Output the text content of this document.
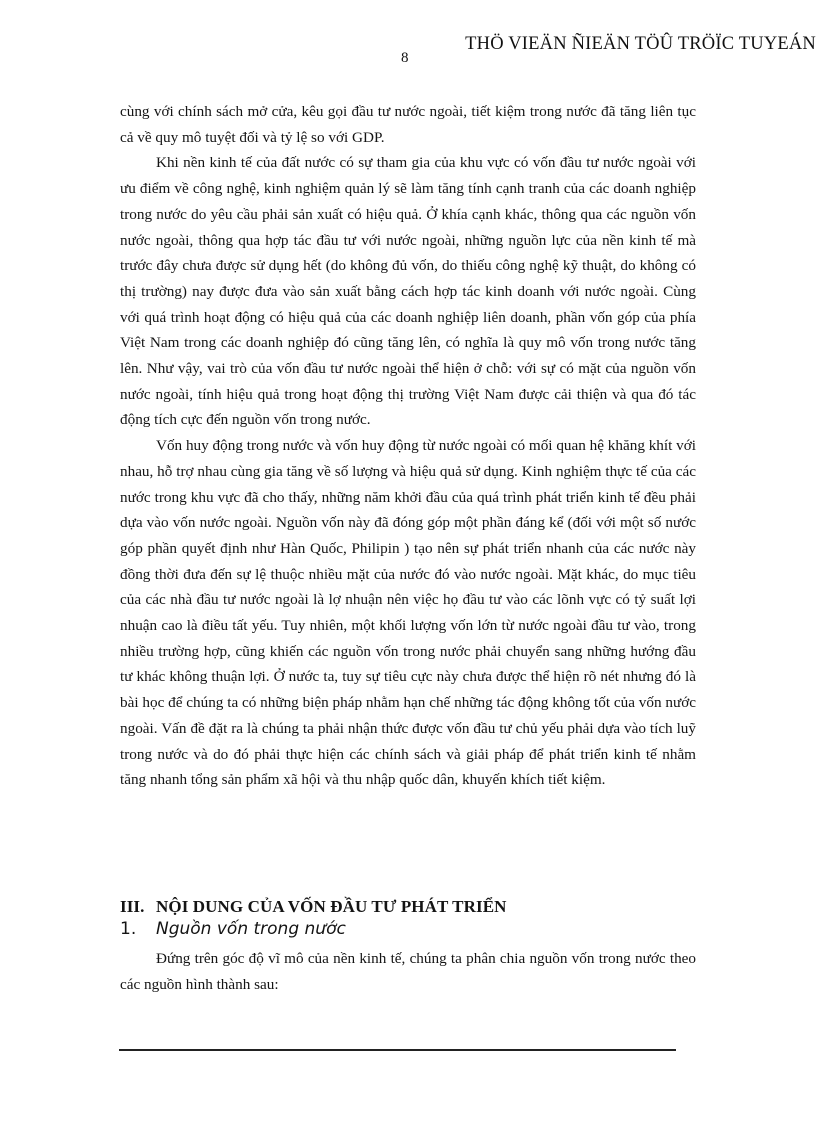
THÖ VIEÄN ÑIEÄN TÖÛ TRÖÏC TUYEÁN
8

cùng với chính sách mở cửa, kêu gọi đầu tư nước ngoài, tiết kiệm trong nước đã tăng liên tục cả về quy mô tuyệt đối và tỷ lệ so với GDP.

Khi nền kinh tế của đất nước có sự tham gia của khu vực có vốn đầu tư nước ngoài với ưu điểm về công nghệ, kinh nghiệm quản lý sẽ làm tăng tính cạnh tranh của các doanh nghiệp trong nước do yêu cầu phải sản xuất có hiệu quả. Ở khía cạnh khác, thông qua các nguồn vốn nước ngoài, thông qua hợp tác đầu tư với nước ngoài, những nguồn lực của nền kinh tế mà trước đây chưa được sử dụng hết (do không đủ vốn, do thiếu công nghệ kỹ thuật, do không có thị trường) nay được đưa vào sản xuất bằng cách hợp tác kinh doanh với nước ngoài. Cùng với quá trình hoạt động có hiệu quả của các doanh nghiệp liên doanh, phần vốn góp của phía Việt Nam trong các doanh nghiệp đó cũng tăng lên, có nghĩa là quy mô vốn trong nước tăng lên. Như vậy, vai trò của vốn đầu tư nước ngoài thể hiện ở chỗ: với sự có mặt của nguồn vốn nước ngoài, tính hiệu quả trong hoạt động thị trường Việt Nam được cải thiện và qua đó tác động tích cực đến nguồn vốn trong nước.

Vốn huy động trong nước và vốn huy động từ nước ngoài có mối quan hệ khăng khít với nhau, hỗ trợ nhau cùng gia tăng về số lượng và hiệu quả sử dụng. Kinh nghiệm thực tế của các nước trong khu vực đã cho thấy, những năm khởi đầu của quá trình phát triển kinh tế đều phải dựa vào vốn nước ngoài. Nguồn vốn này đã đóng góp một phần đáng kể (đối với một số nước góp phần quyết định như Hàn Quốc, Philipin ) tạo nên sự phát triển nhanh của các nước này đồng thời đưa đến sự lệ thuộc nhiều mặt của nước đó vào nước ngoài. Mặt khác, do mục tiêu của các nhà đầu tư nước ngoài là lợ nhuận nên việc họ đầu tư vào các lõnh vực có tỷ suất lợi nhuận cao là điều tất yếu. Tuy nhiên, một khối lượng vốn lớn từ nước ngoài đầu tư vào, trong nhiều trường hợp, cũng khiến các nguồn vốn trong nước phải chuyển sang những hướng đầu tư khác không thuận lợi. Ở nước ta, tuy sự tiêu cực này chưa được thể hiện rõ nét nhưng đó là bài học để chúng ta có những biện pháp nhằm hạn chế những tác động không tốt của vốn nước ngoài. Vấn đề đặt ra là chúng ta phải nhận thức được vốn đầu tư chủ yếu phải dựa vào tích luỹ trong nước và do đó phải thực hiện các chính sách và giải pháp để phát triển kinh tế nhằm tăng nhanh tổng sản phẩm xã hội và thu nhập quốc dân, khuyến khích tiết kiệm.

III. NỘI DUNG CỦA VỐN ĐẦU TƯ PHÁT TRIỂN
1. Nguồn vốn trong nước

Đứng trên góc độ vĩ mô của nền kinh tế, chúng ta phân chia nguồn vốn trong nước theo các nguồn hình thành sau:
